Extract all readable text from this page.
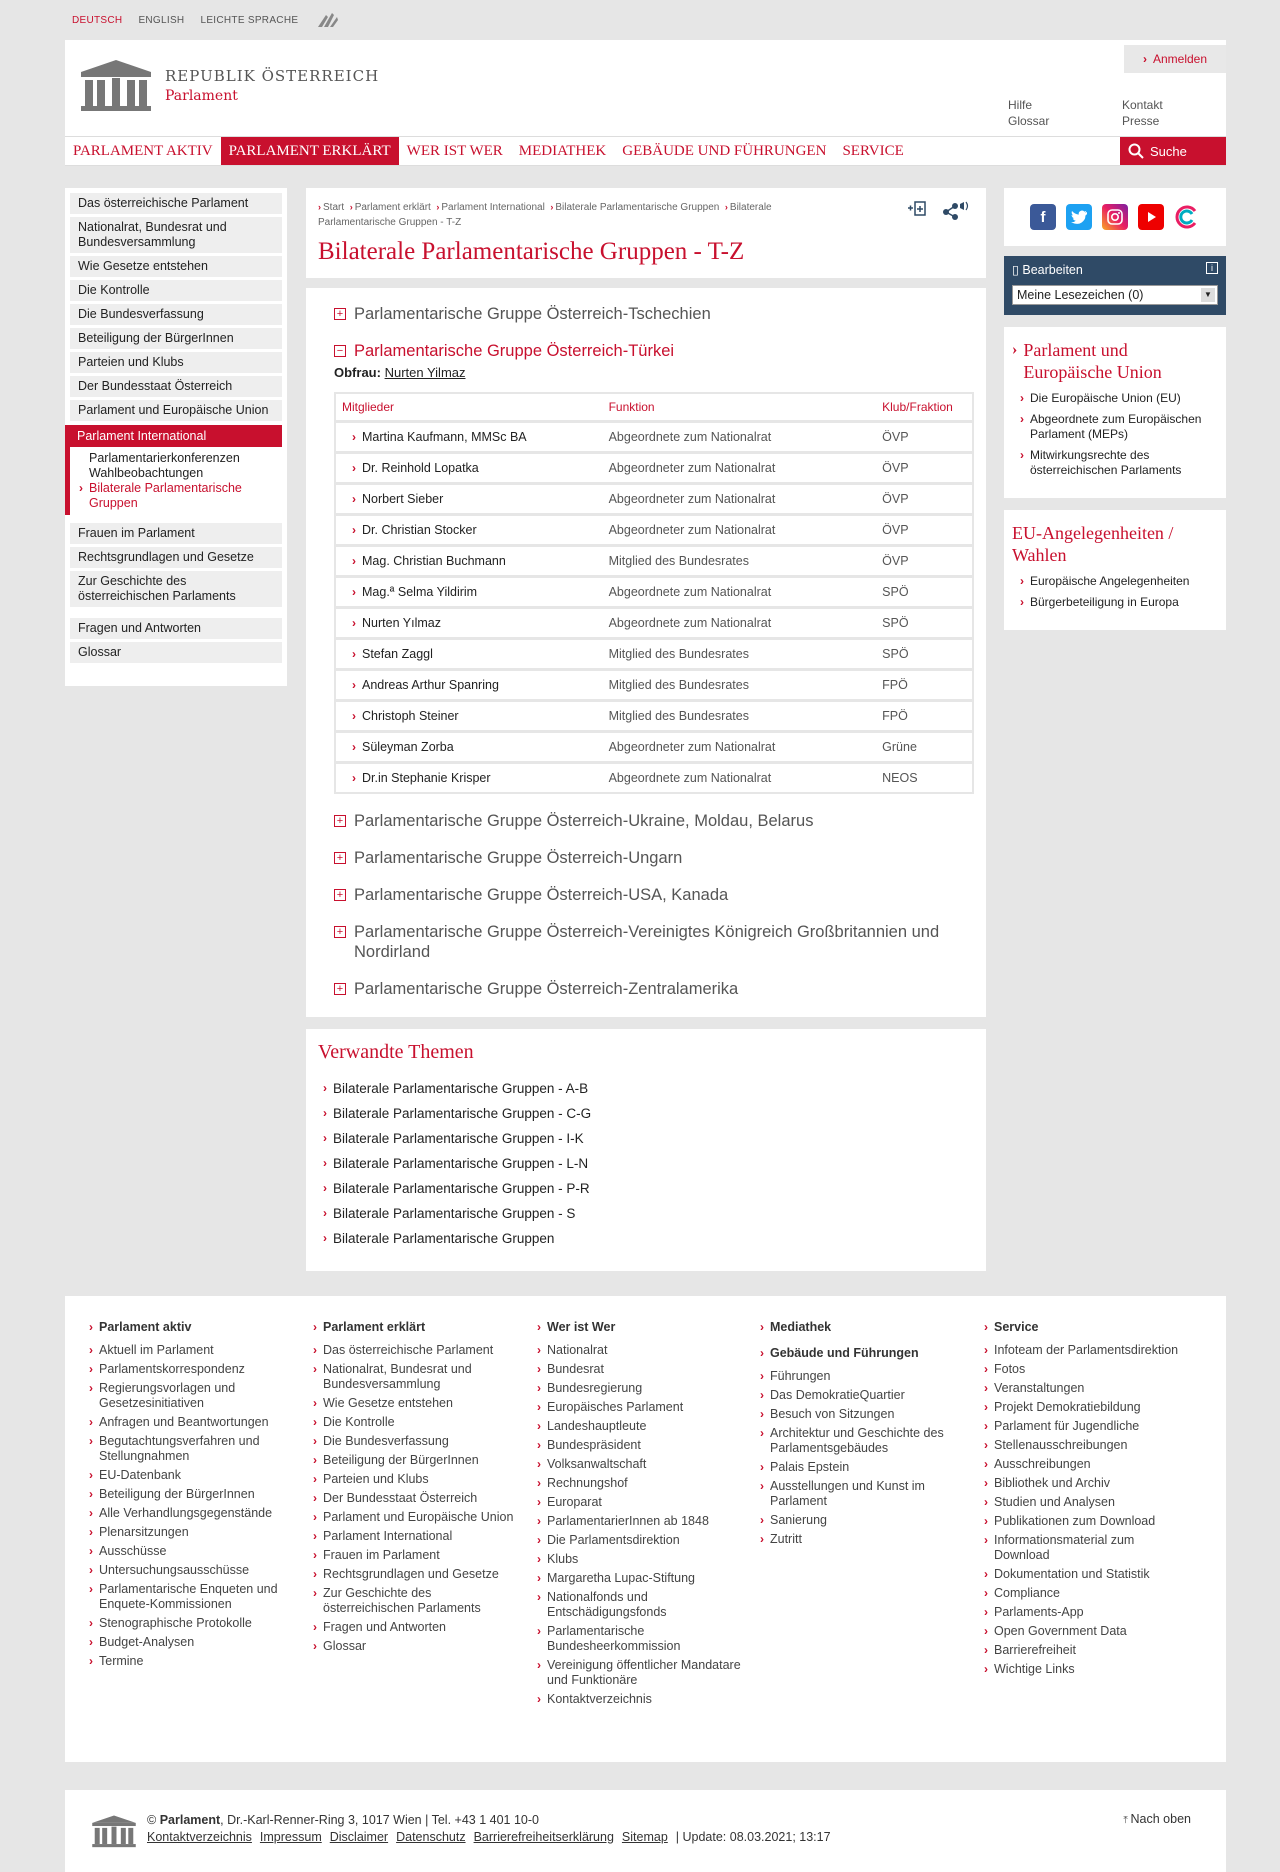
DEUTSCH ENGLISH LEICHTE SPRACHE
REPUBLIK ÖSTERREICH
Parlament
› Anmelden
Hilfe
Glossar
Kontakt
Presse
PARLAMENT AKTIV	PARLAMENT ERKLÄRT	WER IST WER	MEDIATHEK	GEBÄUDE UND FÜHRUNGEN	SERVICE	Suche
Das österreichische Parlament
Nationalrat, Bundesrat und Bundesversammlung
Wie Gesetze entstehen
Die Kontrolle
Die Bundesverfassung
Beteiligung der BürgerInnen
Parteien und Klubs
Der Bundesstaat Österreich
Parlament und Europäische Union
Parlament International
Parlamentarierkonferenzen
Wahlbeobachtungen
› Bilaterale Parlamentarische Gruppen
Frauen im Parlament
Rechtsgrundlagen und Gesetze
Zur Geschichte des österreichischen Parlaments
Fragen und Antworten
Glossar
› Start › Parlament erklärt › Parlament International › Bilaterale Parlamentarische Gruppen › Bilaterale Parlamentarische Gruppen - T-Z
Bilaterale Parlamentarische Gruppen - T-Z
+ Parlamentarische Gruppe Österreich-Tschechien
− Parlamentarische Gruppe Österreich-Türkei
Obfrau: Nurten Yilmaz
Mitglieder	Funktion	Klub/Fraktion
› Martina Kaufmann, MMSc BA	Abgeordnete zum Nationalrat	ÖVP
› Dr. Reinhold Lopatka	Abgeordneter zum Nationalrat	ÖVP
› Norbert Sieber	Abgeordneter zum Nationalrat	ÖVP
› Dr. Christian Stocker	Abgeordneter zum Nationalrat	ÖVP
› Mag. Christian Buchmann	Mitglied des Bundesrates	ÖVP
› Mag.ª Selma Yildirim	Abgeordnete zum Nationalrat	SPÖ
› Nurten Yılmaz	Abgeordnete zum Nationalrat	SPÖ
› Stefan Zaggl	Mitglied des Bundesrates	SPÖ
› Andreas Arthur Spanring	Mitglied des Bundesrates	FPÖ
› Christoph Steiner	Mitglied des Bundesrates	FPÖ
› Süleyman Zorba	Abgeordneter zum Nationalrat	Grüne
› Dr.in Stephanie Krisper	Abgeordnete zum Nationalrat	NEOS
+ Parlamentarische Gruppe Österreich-Ukraine, Moldau, Belarus
+ Parlamentarische Gruppe Österreich-Ungarn
+ Parlamentarische Gruppe Österreich-USA, Kanada
+ Parlamentarische Gruppe Österreich-Vereinigtes Königreich Großbritannien und Nordirland
+ Parlamentarische Gruppe Österreich-Zentralamerika
Verwandte Themen
› Bilaterale Parlamentarische Gruppen - A-B
› Bilaterale Parlamentarische Gruppen - C-G
› Bilaterale Parlamentarische Gruppen - I-K
› Bilaterale Parlamentarische Gruppen - L-N
› Bilaterale Parlamentarische Gruppen - P-R
› Bilaterale Parlamentarische Gruppen - S
› Bilaterale Parlamentarische Gruppen
f
▯ Bearbeiten	i
Meine Lesezeichen (0)	▼
› Parlament und Europäische Union
› Die Europäische Union (EU)
› Abgeordnete zum Europäischen Parlament (MEPs)
› Mitwirkungsrechte des österreichischen Parlaments
EU-Angelegenheiten / Wahlen
› Europäische Angelegenheiten
› Bürgerbeteiligung in Europa
› Parlament aktiv
› Aktuell im Parlament
› Parlamentskorrespondenz
› Regierungsvorlagen und Gesetzesinitiativen
› Anfragen und Beantwortungen
› Begutachtungsverfahren und Stellungnahmen
› EU-Datenbank
› Beteiligung der BürgerInnen
› Alle Verhandlungsgegenstände
› Plenarsitzungen
› Ausschüsse
› Untersuchungsausschüsse
› Parlamentarische Enqueten und Enquete-Kommissionen
› Stenographische Protokolle
› Budget-Analysen
› Termine
› Parlament erklärt
› Das österreichische Parlament
› Nationalrat, Bundesrat und Bundesversammlung
› Wie Gesetze entstehen
› Die Kontrolle
› Die Bundesverfassung
› Beteiligung der BürgerInnen
› Parteien und Klubs
› Der Bundesstaat Österreich
› Parlament und Europäische Union
› Parlament International
› Frauen im Parlament
› Rechtsgrundlagen und Gesetze
› Zur Geschichte des österreichischen Parlaments
› Fragen und Antworten
› Glossar
› Wer ist Wer
› Nationalrat
› Bundesrat
› Bundesregierung
› Europäisches Parlament
› Landeshauptleute
› Bundespräsident
› Volksanwaltschaft
› Rechnungshof
› Europarat
› ParlamentarierInnen ab 1848
› Die Parlamentsdirektion
› Klubs
› Margaretha Lupac-Stiftung
› Nationalfonds und Entschädigungsfonds
› Parlamentarische Bundesheerkommission
› Vereinigung öffentlicher Mandatare und Funktionäre
› Kontaktverzeichnis
› Mediathek
› Gebäude und Führungen
› Führungen
› Das DemokratieQuartier
› Besuch von Sitzungen
› Architektur und Geschichte des Parlamentsgebäudes
› Palais Epstein
› Ausstellungen und Kunst im Parlament
› Sanierung
› Zutritt
› Service
› Infoteam der Parlamentsdirektion
› Fotos
› Veranstaltungen
› Projekt Demokratiebildung
› Parlament für Jugendliche
› Stellenausschreibungen
› Ausschreibungen
› Bibliothek und Archiv
› Studien und Analysen
› Publikationen zum Download
› Informationsmaterial zum Download
› Dokumentation und Statistik
› Compliance
› Parlaments-App
› Open Government Data
› Barrierefreiheit
› Wichtige Links
© Parlament, Dr.-Karl-Renner-Ring 3, 1017 Wien | Tel. +43 1 401 10-0
Kontaktverzeichnis Impressum Disclaimer Datenschutz Barrierefreiheitserklärung Sitemap | Update: 08.03.2021; 13:17
⤒ Nach oben
